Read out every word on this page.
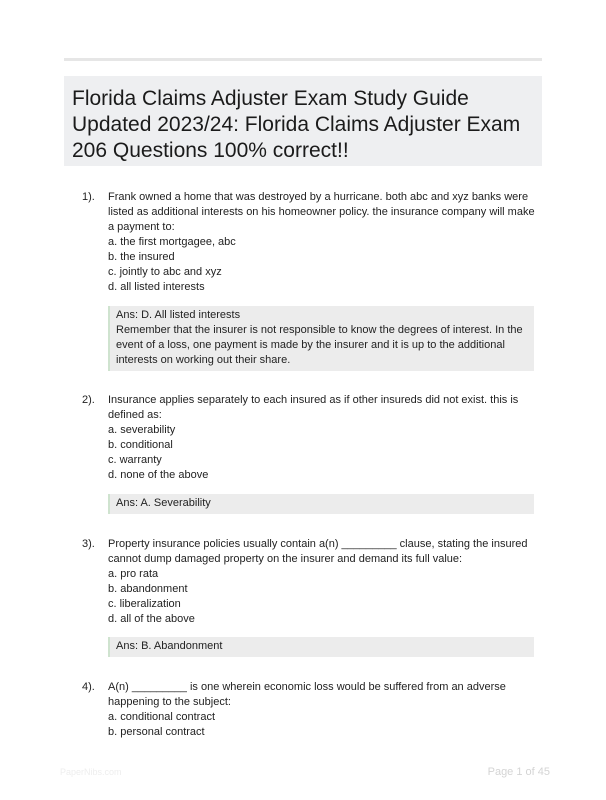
Florida Claims Adjuster Exam Study Guide Updated 2023/24: Florida Claims Adjuster Exam 206 Questions 100% correct!!
1). Frank owned a home that was destroyed by a hurricane. both abc and xyz banks were listed as additional interests on his homeowner policy. the insurance company will make a payment to:

a. the first mortgagee, abc
b. the insured
c. jointly to abc and xyz
d. all listed interests

Ans: D. All listed interests

Remember that the insurer is not responsible to know the degrees of interest. In the event of a loss, one payment is made by the insurer and it is up to the additional interests on working out their share.

2). Insurance applies separately to each insured as if other insureds did not exist. this is defined as:

a. severability
b. conditional
c. warranty
d. none of the above

Ans: A. Severability

3). Property insurance policies usually contain a(n) _________ clause, stating the insured cannot dump damaged property on the insurer and demand its full value:

a. pro rata
b. abandonment
c. liberalization
d. all of the above

Ans: B. Abandonment

4). A(n) _________ is one wherein economic loss would be suffered from an adverse happening to the subject:

a. conditional contract
b. personal contract
PaperNibs.com	Page 1 of 45
